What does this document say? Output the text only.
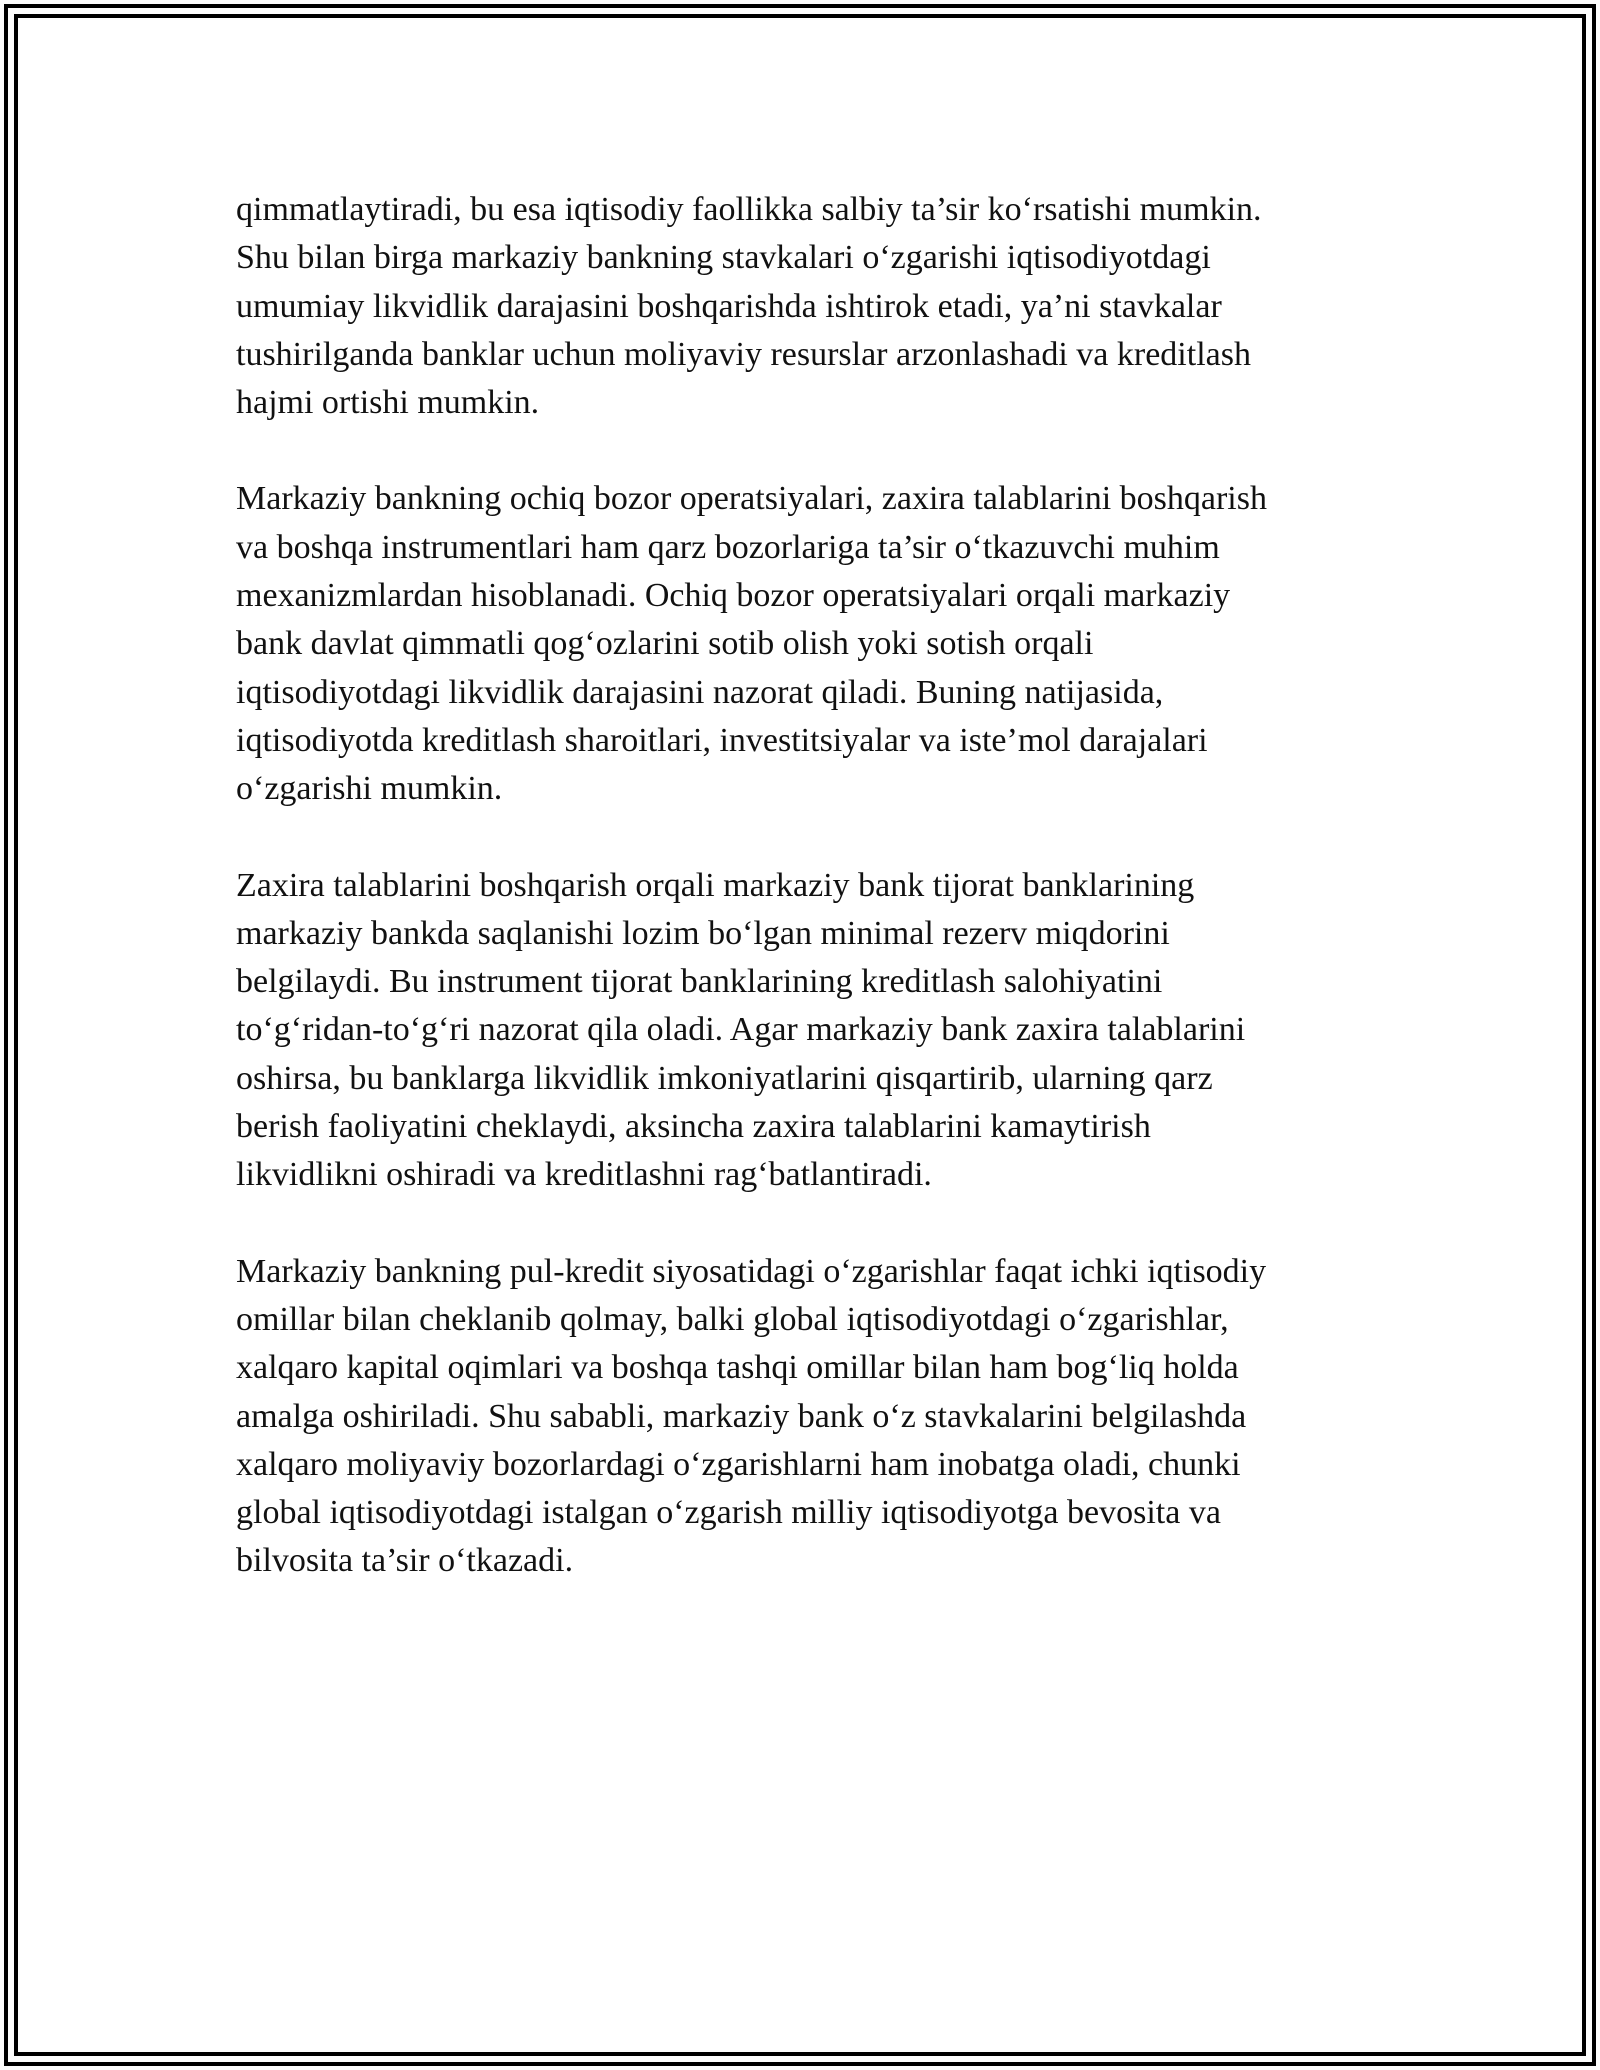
qimmatlaytiradi, bu esa iqtisodiy faollikka salbiy ta’sir ko‘rsatishi mumkin.
Shu bilan birga markaziy bankning stavkalari o‘zgarishi iqtisodiyotdagi
umumiay likvidlik darajasini boshqarishda ishtirok etadi, ya’ni stavkalar
tushirilganda banklar uchun moliyaviy resurslar arzonlashadi va kreditlash
hajmi ortishi mumkin.

Markaziy bankning ochiq bozor operatsiyalari, zaxira talablarini boshqarish
va boshqa instrumentlari ham qarz bozorlariga ta’sir o‘tkazuvchi muhim
mexanizmlardan hisoblanadi. Ochiq bozor operatsiyalari orqali markaziy
bank davlat qimmatli qog‘ozlarini sotib olish yoki sotish orqali
iqtisodiyotdagi likvidlik darajasini nazorat qiladi. Buning natijasida,
iqtisodiyotda kreditlash sharoitlari, investitsiyalar va iste’mol darajalari
o‘zgarishi mumkin.

Zaxira talablarini boshqarish orqali markaziy bank tijorat banklarining
markaziy bankda saqlanishi lozim bo‘lgan minimal rezerv miqdorini
belgilaydi. Bu instrument tijorat banklarining kreditlash salohiyatini
to‘g‘ridan-to‘g‘ri nazorat qila oladi. Agar markaziy bank zaxira talablarini
oshirsa, bu banklarga likvidlik imkoniyatlarini qisqartirib, ularning qarz
berish faoliyatini cheklaydi, aksincha zaxira talablarini kamaytirish
likvidlikni oshiradi va kreditlashni rag‘batlantiradi.

Markaziy bankning pul-kredit siyosatidagi o‘zgarishlar faqat ichki iqtisodiy
omillar bilan cheklanib qolmay, balki global iqtisodiyotdagi o‘zgarishlar,
xalqaro kapital oqimlari va boshqa tashqi omillar bilan ham bog‘liq holda
amalga oshiriladi. Shu sababli, markaziy bank o‘z stavkalarini belgilashda
xalqaro moliyaviy bozorlardagi o‘zgarishlarni ham inobatga oladi, chunki
global iqtisodiyotdagi istalgan o‘zgarish milliy iqtisodiyotga bevosita va
bilvosita ta’sir o‘tkazadi.
